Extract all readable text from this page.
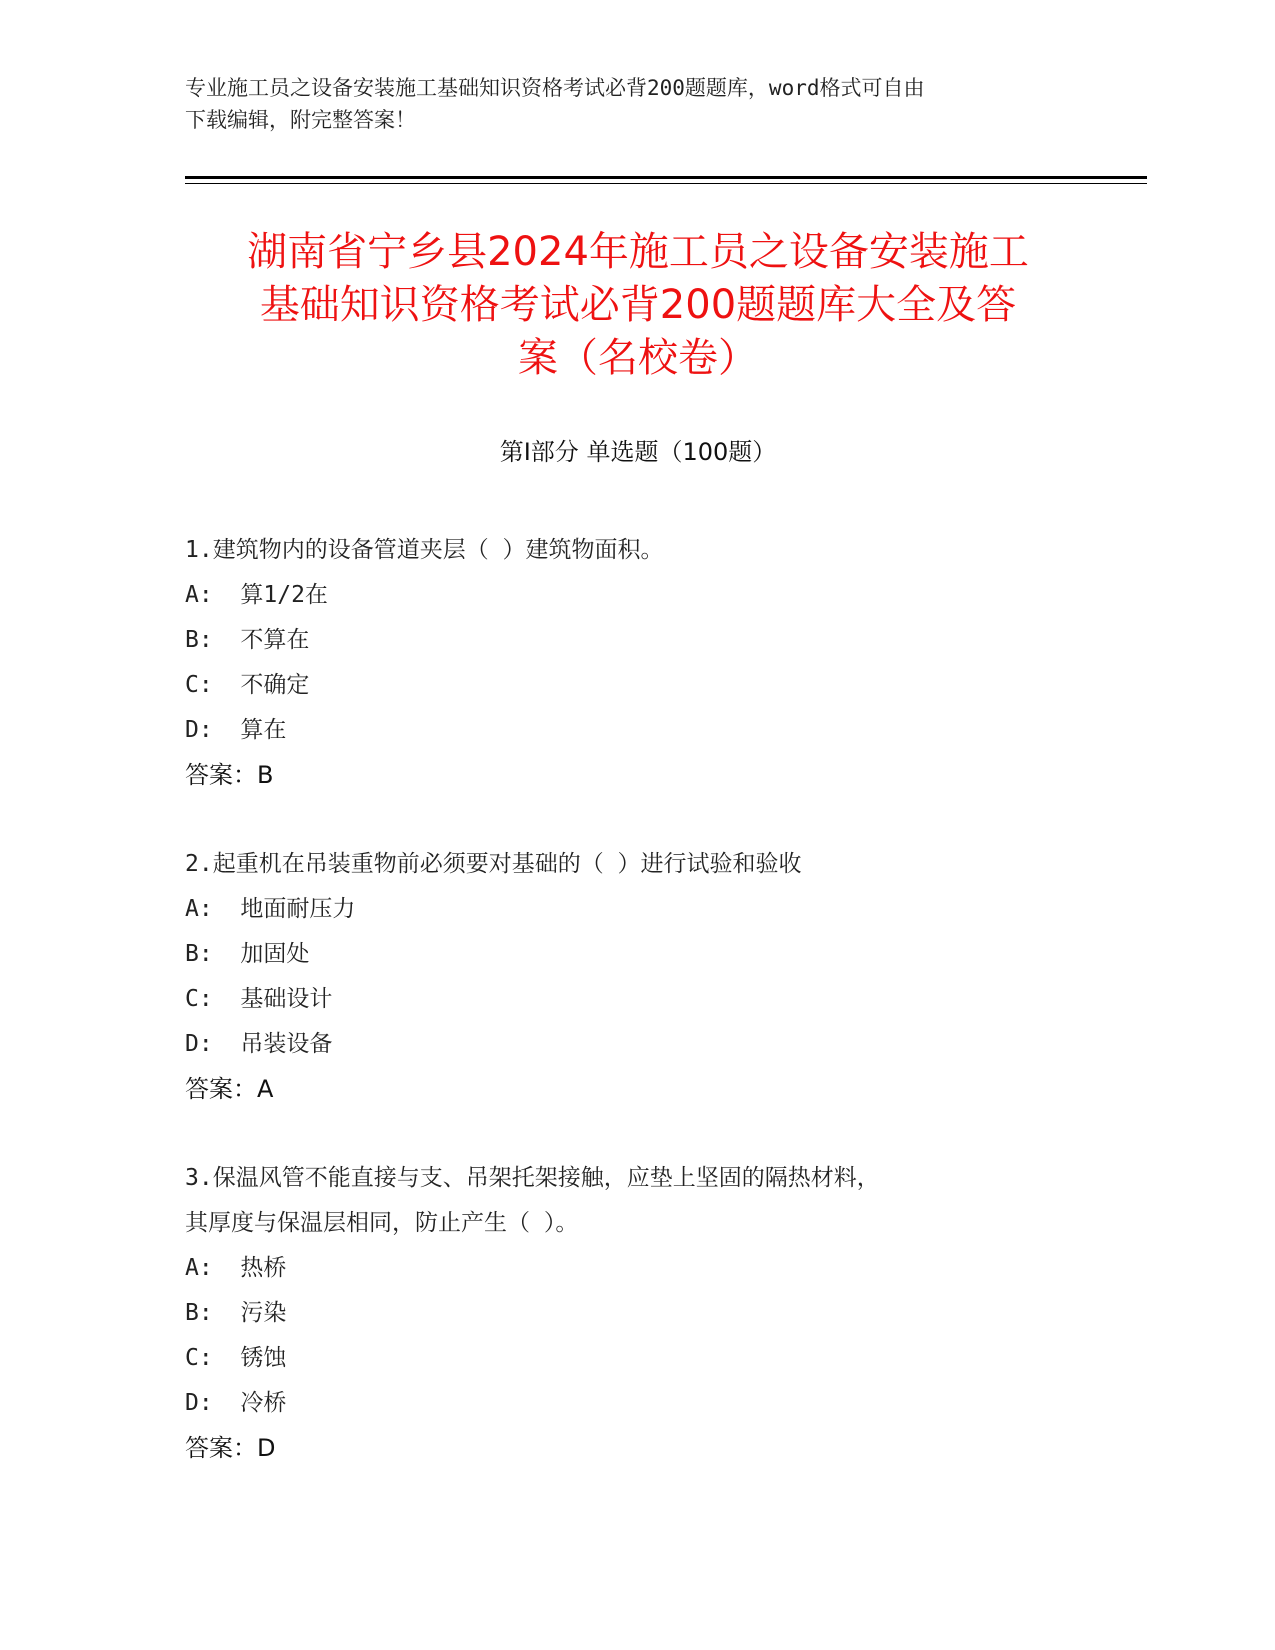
专业施工员之设备安装施工基础知识资格考试必背200题题库，word格式可自由
下载编辑，附完整答案！
湖南省宁乡县2024年施工员之设备安装施工
基础知识资格考试必背200题题库大全及答
案（名校卷）
第Ⅰ部分 单选题（100题）

1.建筑物内的设备管道夹层（ ）建筑物面积。

A:  算1/2在

B:  不算在

C:  不确定

D:  算在

答案：B

2.起重机在吊装重物前必须要对基础的（ ）进行试验和验收

A:  地面耐压力

B:  加固处

C:  基础设计

D:  吊装设备

答案：A

3.保温风管不能直接与支、吊架托架接触，应垫上坚固的隔热材料，

其厚度与保温层相同，防止产生（ ）。

A:  热桥

B:  污染

C:  锈蚀

D:  冷桥

答案：D
